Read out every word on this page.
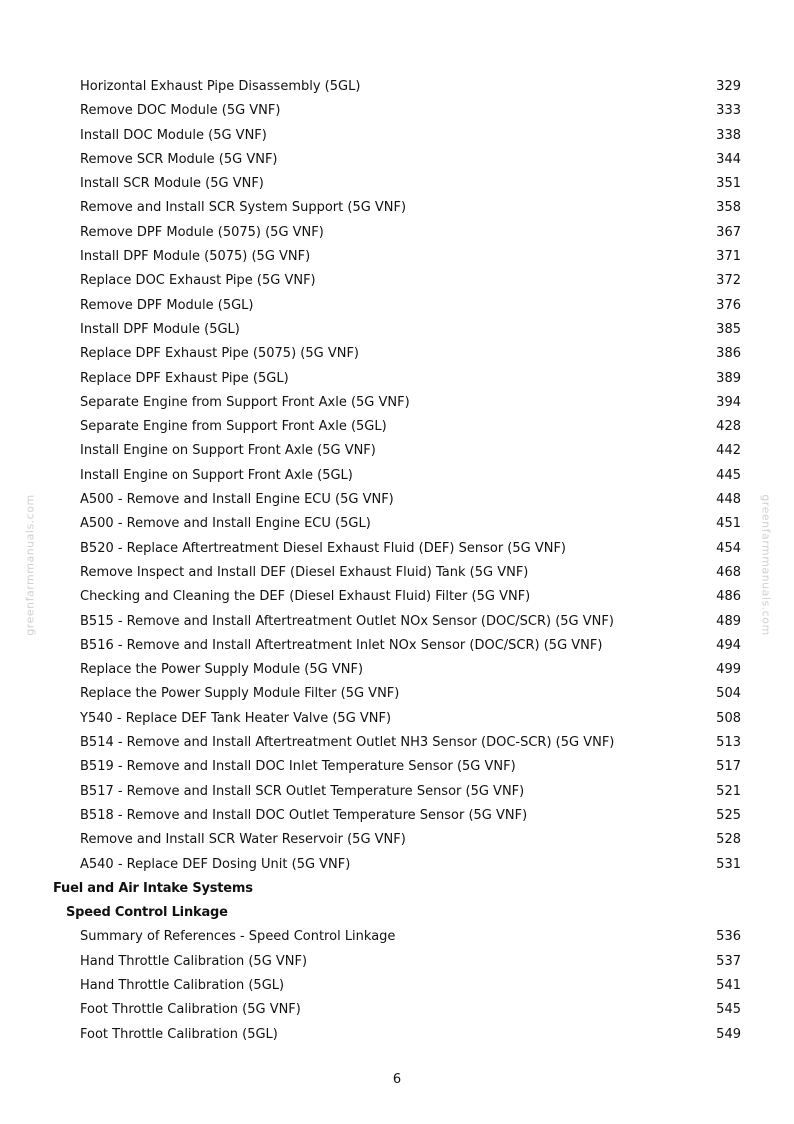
greenfarmmanuals.com	greenfarmmanuals.com
Horizontal Exhaust Pipe Disassembly (5GL)	329
Remove DOC Module (5G VNF)	333
Install DOC Module (5G VNF)	338
Remove SCR Module (5G VNF)	344
Install SCR Module (5G VNF)	351
Remove and Install SCR System Support (5G VNF)	358
Remove DPF Module (5075) (5G VNF)	367
Install DPF Module (5075) (5G VNF)	371
Replace DOC Exhaust Pipe (5G VNF)	372
Remove DPF Module (5GL)	376
Install DPF Module (5GL)	385
Replace DPF Exhaust Pipe (5075) (5G VNF)	386
Replace DPF Exhaust Pipe (5GL)	389
Separate Engine from Support Front Axle (5G VNF)	394
Separate Engine from Support Front Axle (5GL)	428
Install Engine on Support Front Axle (5G VNF)	442
Install Engine on Support Front Axle (5GL)	445
A500 - Remove and Install Engine ECU (5G VNF)	448
A500 - Remove and Install Engine ECU (5GL)	451
B520 - Replace Aftertreatment Diesel Exhaust Fluid (DEF) Sensor (5G VNF)	454
Remove Inspect and Install DEF (Diesel Exhaust Fluid) Tank (5G VNF)	468
Checking and Cleaning the DEF (Diesel Exhaust Fluid) Filter (5G VNF)	486
B515 - Remove and Install Aftertreatment Outlet NOx Sensor (DOC/SCR) (5G VNF)	489
B516 - Remove and Install Aftertreatment Inlet NOx Sensor (DOC/SCR) (5G VNF)	494
Replace the Power Supply Module (5G VNF)	499
Replace the Power Supply Module Filter (5G VNF)	504
Y540 - Replace DEF Tank Heater Valve (5G VNF)	508
B514 - Remove and Install Aftertreatment Outlet NH3 Sensor (DOC-SCR) (5G VNF)	513
B519 - Remove and Install DOC Inlet Temperature Sensor (5G VNF)	517
B517 - Remove and Install SCR Outlet Temperature Sensor (5G VNF)	521
B518 - Remove and Install DOC Outlet Temperature Sensor (5G VNF)	525
Remove and Install SCR Water Reservoir (5G VNF)	528
A540 - Replace DEF Dosing Unit (5G VNF)	531
Fuel and Air Intake Systems
Speed Control Linkage
Summary of References - Speed Control Linkage	536
Hand Throttle Calibration (5G VNF)	537
Hand Throttle Calibration (5GL)	541
Foot Throttle Calibration (5G VNF)	545
Foot Throttle Calibration (5GL)	549
6
